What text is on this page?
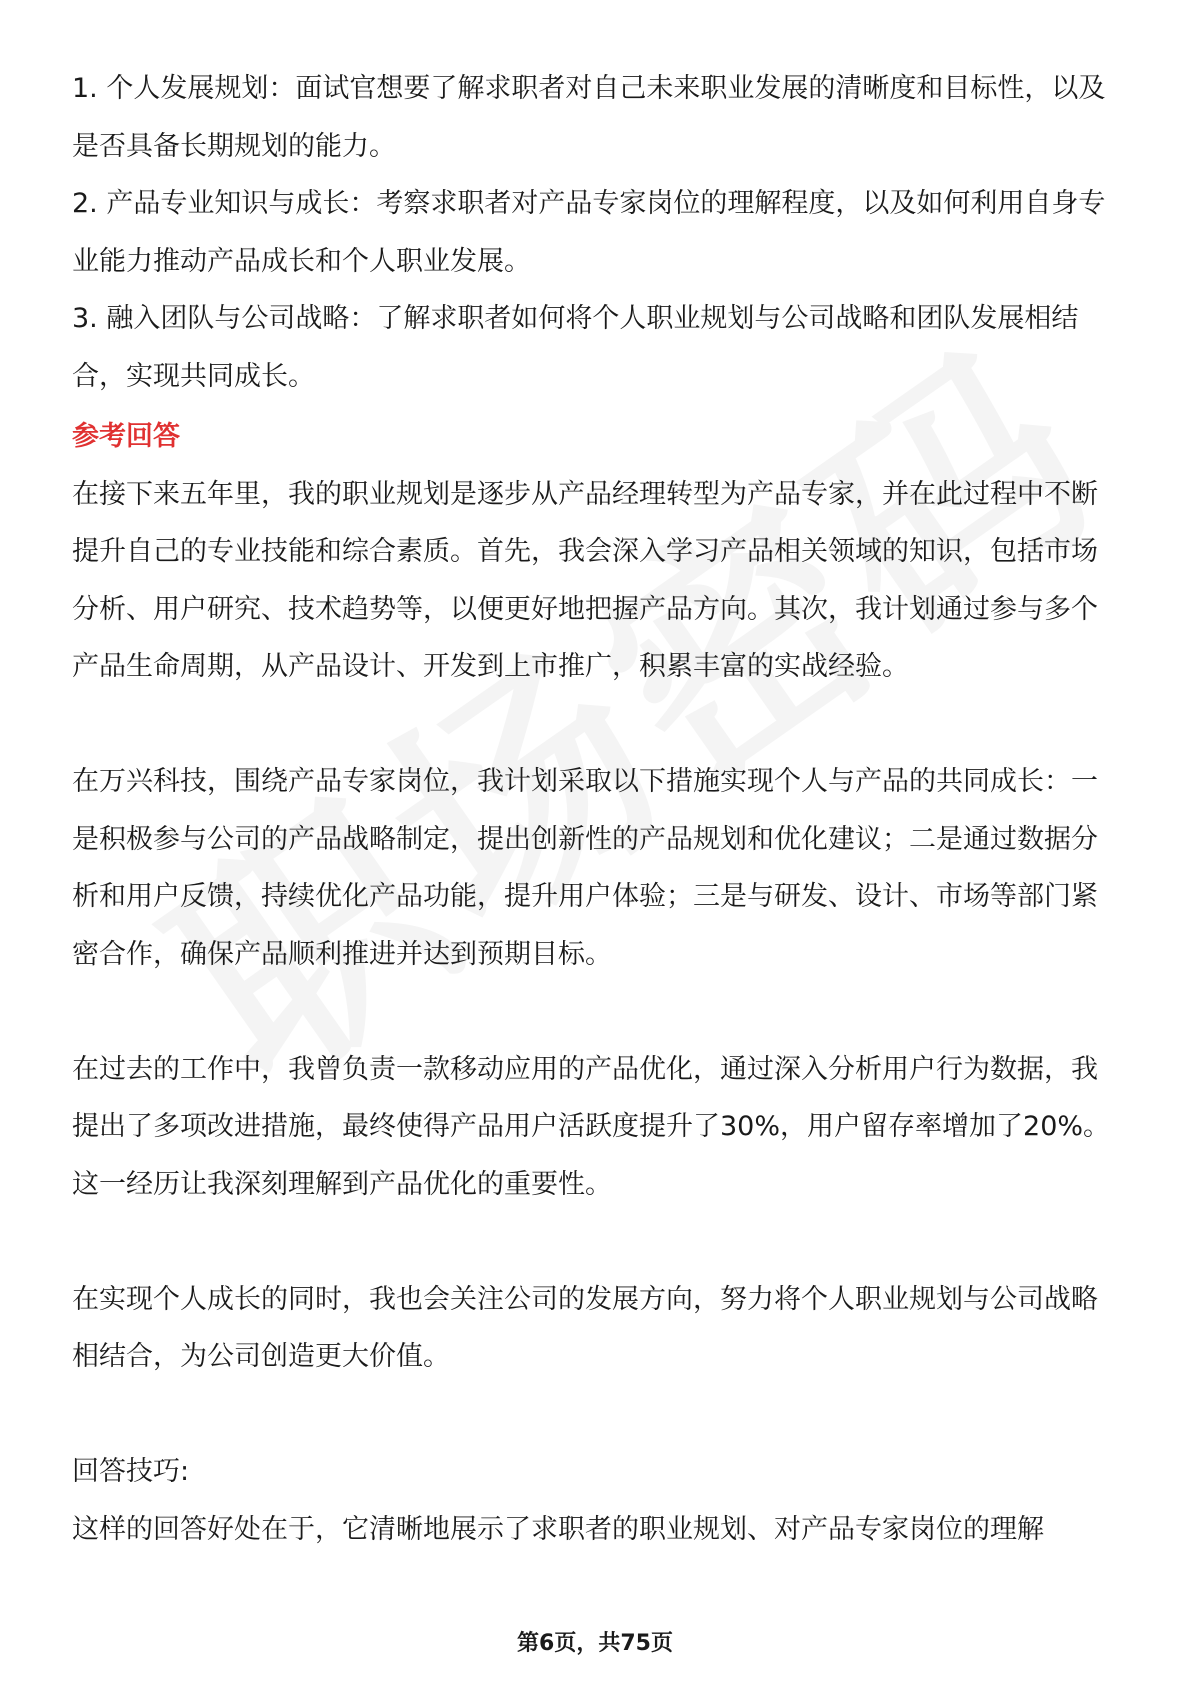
1. 个人发展规划：面试官想要了解求职者对自己未来职业发展的清晰度和目标性，以及是否具备长期规划的能力。

2. 产品专业知识与成长：考察求职者对产品专家岗位的理解程度，以及如何利用自身专业能力推动产品成长和个人职业发展。

3. 融入团队与公司战略：了解求职者如何将个人职业规划与公司战略和团队发展相结合，实现共同成长。

参考回答

在接下来五年里，我的职业规划是逐步从产品经理转型为产品专家，并在此过程中不断提升自己的专业技能和综合素质。首先，我会深入学习产品相关领域的知识，包括市场分析、用户研究、技术趋势等，以便更好地把握产品方向。其次，我计划通过参与多个产品生命周期，从产品设计、开发到上市推广，积累丰富的实战经验。

在万兴科技，围绕产品专家岗位，我计划采取以下措施实现个人与产品的共同成长：一是积极参与公司的产品战略制定，提出创新性的产品规划和优化建议；二是通过数据分析和用户反馈，持续优化产品功能，提升用户体验；三是与研发、设计、市场等部门紧密合作，确保产品顺利推进并达到预期目标。

在过去的工作中，我曾负责一款移动应用的产品优化，通过深入分析用户行为数据，我提出了多项改进措施，最终使得产品用户活跃度提升了30%，用户留存率增加了20%。这一经历让我深刻理解到产品优化的重要性。

在实现个人成长的同时，我也会关注公司的发展方向，努力将个人职业规划与公司战略相结合，为公司创造更大价值。

回答技巧:

这样的回答好处在于，它清晰地展示了求职者的职业规划、对产品专家岗位的理解

第6页，共75页
